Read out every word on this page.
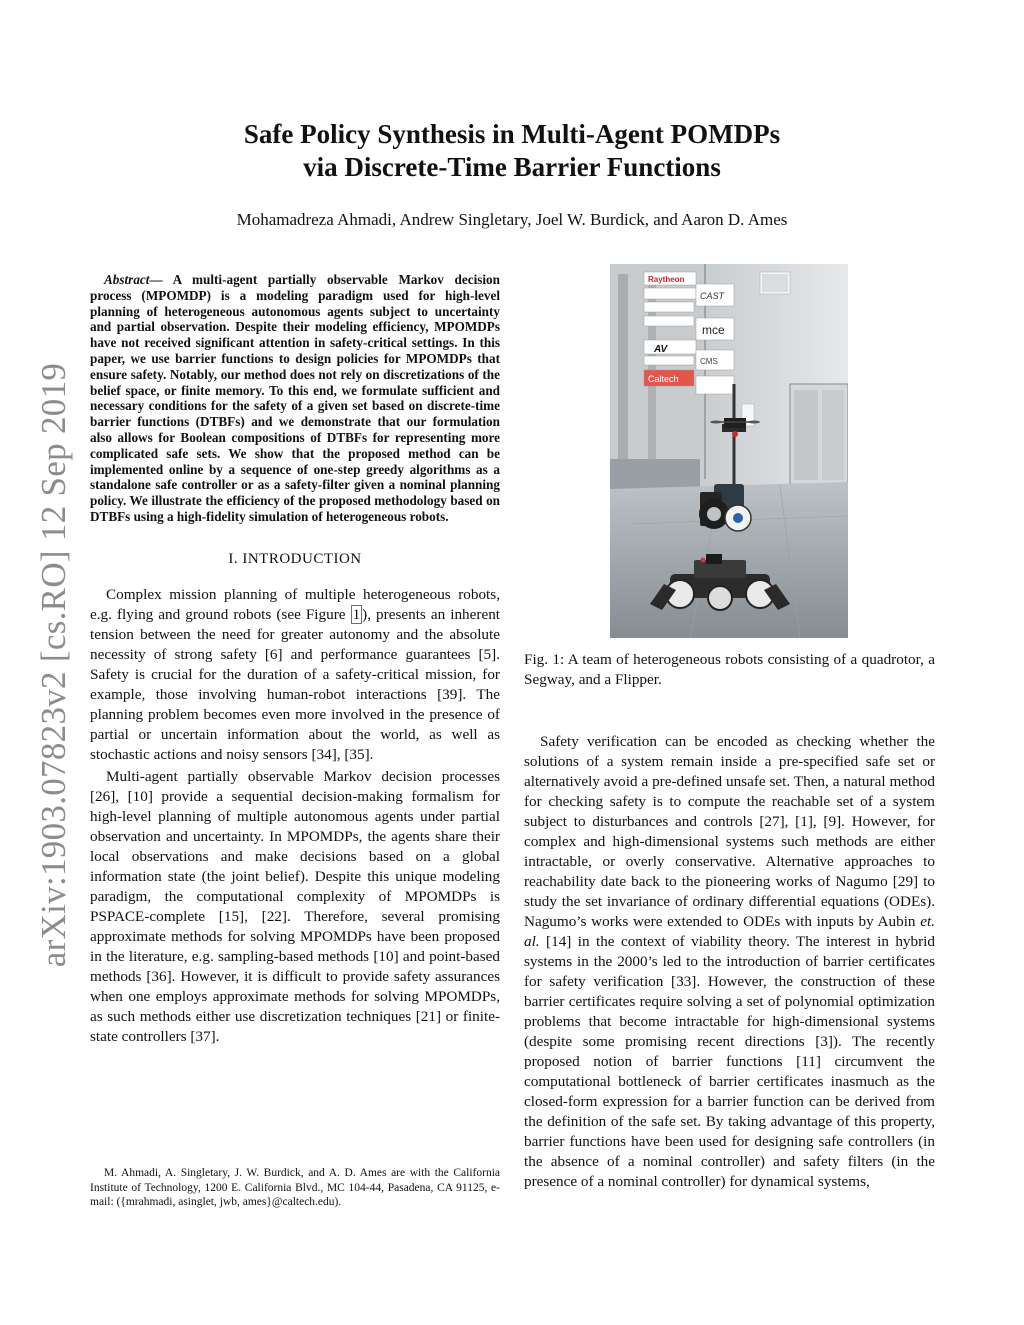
arXiv:1903.07823v2 [cs.RO] 12 Sep 2019
Safe Policy Synthesis in Multi-Agent POMDPs
via Discrete-Time Barrier Functions
Mohamadreza Ahmadi, Andrew Singletary, Joel W. Burdick, and Aaron D. Ames

Abstract— A multi-agent partially observable Markov decision process (MPOMDP) is a modeling paradigm used for high-level planning of heterogeneous autonomous agents subject to uncertainty and partial observation. Despite their modeling efficiency, MPOMDPs have not received significant attention in safety-critical settings. In this paper, we use barrier functions to design policies for MPOMDPs that ensure safety. Notably, our method does not rely on discretizations of the belief space, or finite memory. To this end, we formulate sufficient and necessary conditions for the safety of a given set based on discrete-time barrier functions (DTBFs) and we demonstrate that our formulation also allows for Boolean compositions of DTBFs for representing more complicated safe sets. We show that the proposed method can be implemented online by a sequence of one-step greedy algorithms as a standalone safe controller or as a safety-filter given a nominal planning policy. We illustrate the efficiency of the proposed methodology based on DTBFs using a high-fidelity simulation of heterogeneous robots.

I. INTRODUCTION

Complex mission planning of multiple heterogeneous robots, e.g. flying and ground robots (see Figure 1 ), presents an inherent tension between the need for greater autonomy and the absolute necessity of strong safety [6] and performance guarantees [5]. Safety is crucial for the duration of a safety-critical mission, for example, those involving human-robot interactions [39]. The planning problem becomes even more involved in the presence of partial or uncertain information about the world, as well as stochastic actions and noisy sensors [34], [35].

Multi-agent partially observable Markov decision processes [26], [10] provide a sequential decision-making formalism for high-level planning of multiple autonomous agents under partial observation and uncertainty. In MPOMDPs, the agents share their local observations and make decisions based on a global information state (the joint belief). Despite this unique modeling paradigm, the computational complexity of MPOMDPs is PSPACE-complete [15], [22]. Therefore, several promising approximate methods for solving MPOMDPs have been proposed in the literature, e.g. sampling-based methods [10] and point-based methods [36]. However, it is difficult to provide safety assurances when one employs approximate methods for solving MPOMDPs, as such methods either use discretization techniques [21] or finite-state controllers [37].

M. Ahmadi, A. Singletary, J. W. Burdick, and A. D. Ames are with the California Institute of Technology, 1200 E. California Blvd., MC 104-44, Pasadena, CA 91125, e-mail: ({mrahmadi, asinglet, jwb, ames}@caltech.edu).

Raytheon
CAST
mce
AV
CMS
Caltech

Fig. 1: A team of heterogeneous robots consisting of a quadrotor, a Segway, and a Flipper.

Safety verification can be encoded as checking whether the solutions of a system remain inside a pre-specified safe set or alternatively avoid a pre-defined unsafe set. Then, a natural method for checking safety is to compute the reachable set of a system subject to disturbances and controls [27], [1], [9]. However, for complex and high-dimensional systems such methods are either intractable, or overly conservative. Alternative approaches to reachability date back to the pioneering works of Nagumo [29] to study the set invariance of ordinary differential equations (ODEs). Nagumo’s works were extended to ODEs with inputs by Aubin et. al. [14] in the context of viability theory. The interest in hybrid systems in the 2000’s led to the introduction of barrier certificates for safety verification [33]. However, the construction of these barrier certificates require solving a set of polynomial optimization problems that become intractable for high-dimensional systems (despite some promising recent directions [3]). The recently proposed notion of barrier functions [11] circumvent the computational bottleneck of barrier certificates inasmuch as the closed-form expression for a barrier function can be derived from the definition of the safe set. By taking advantage of this property, barrier functions have been used for designing safe controllers (in the absence of a nominal controller) and safety filters (in the presence of a nominal controller) for dynamical systems,
